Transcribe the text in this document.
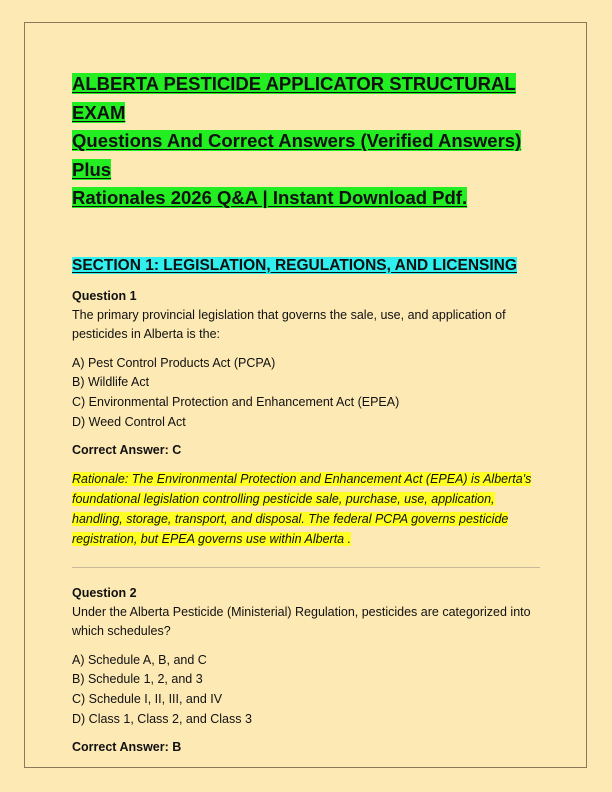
ALBERTA PESTICIDE APPLICATOR STRUCTURAL EXAM
Questions And Correct Answers (Verified Answers) Plus
Rationales 2026 Q&A | Instant Download Pdf.
SECTION 1: LEGISLATION, REGULATIONS, AND LICENSING
Question 1
The primary provincial legislation that governs the sale, use, and application of pesticides in Alberta is the:
A) Pest Control Products Act (PCPA)
B) Wildlife Act
C) Environmental Protection and Enhancement Act (EPEA)
D) Weed Control Act
Correct Answer: C
Rationale: The Environmental Protection and Enhancement Act (EPEA) is Alberta's foundational legislation controlling pesticide sale, purchase, use, application, handling, storage, transport, and disposal. The federal PCPA governs pesticide registration, but EPEA governs use within Alberta .
Question 2
Under the Alberta Pesticide (Ministerial) Regulation, pesticides are categorized into which schedules?
A) Schedule A, B, and C
B) Schedule 1, 2, and 3
C) Schedule I, II, III, and IV
D) Class 1, Class 2, and Class 3
Correct Answer: B
